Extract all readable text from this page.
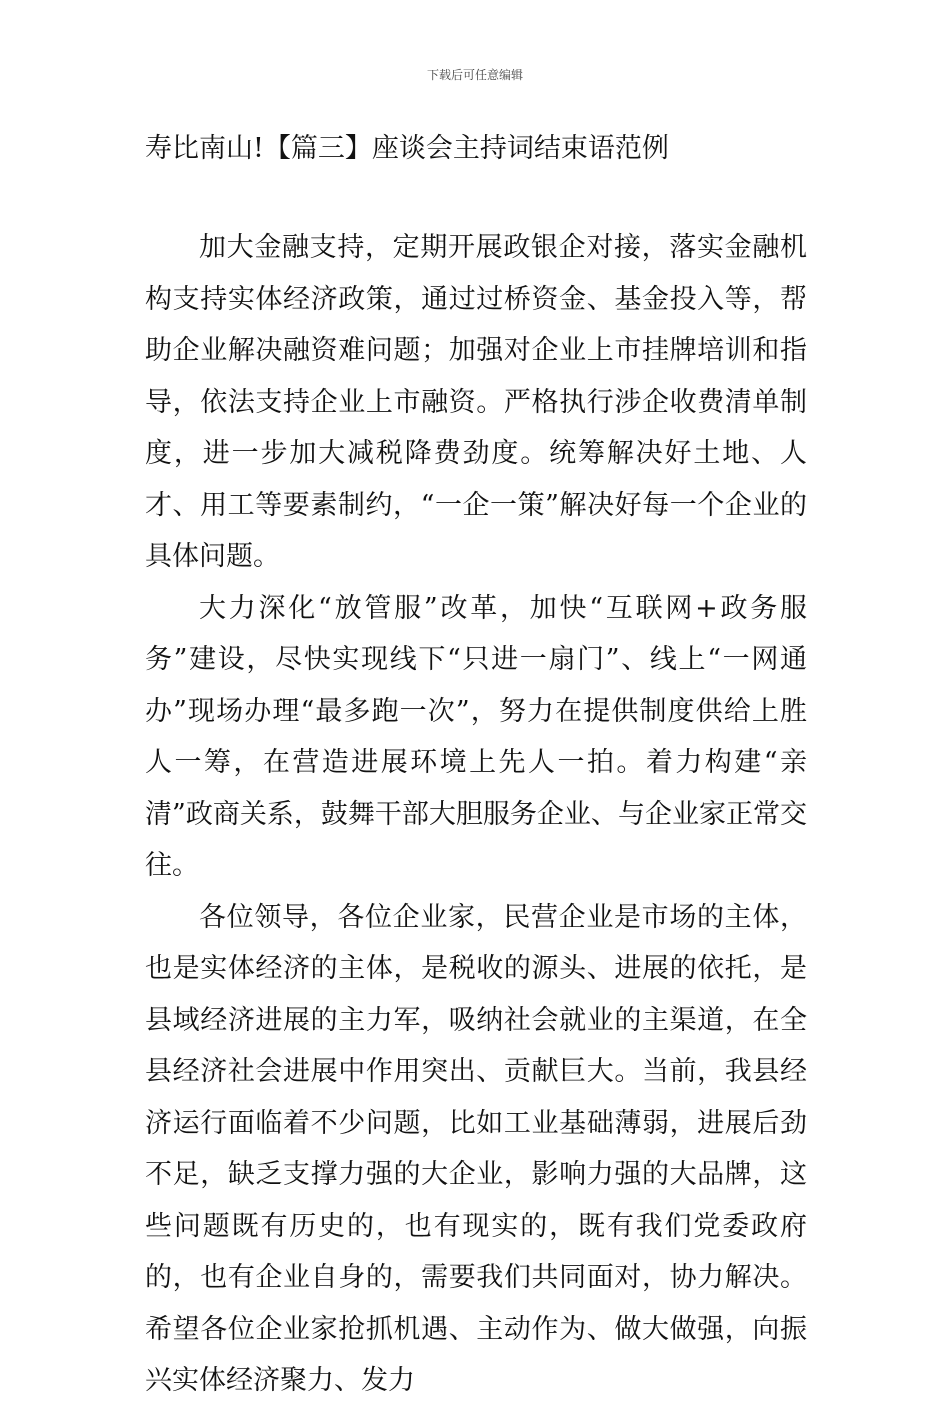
下载后可任意编辑
寿比南山!【篇三】座谈会主持词结束语范例

加大金融支持，定期开展政银企对接，落实金融机构支持实体经济政策，通过过桥资金、基金投入等，帮助企业解决融资难问题；加强对企业上市挂牌培训和指导，依法支持企业上市融资。严格执行涉企收费清单制度，进一步加大减税降费劲度。统筹解决好土地、人才、用工等要素制约，“一企一策”解决好每一个企业的具体问题。

大力深化“放管服”改革，加快“互联网+政务服务”建设，尽快实现线下“只进一扇门”、线上“一网通办”现场办理“最多跑一次”，努力在提供制度供给上胜人一筹，在营造进展环境上先人一拍。着力构建“亲清”政商关系，鼓舞干部大胆服务企业、与企业家正常交往。

各位领导，各位企业家，民营企业是市场的主体，也是实体经济的主体，是税收的源头、进展的依托，是县域经济进展的主力军，吸纳社会就业的主渠道，在全县经济社会进展中作用突出、贡献巨大。当前，我县经济运行面临着不少问题，比如工业基础薄弱，进展后劲不足，缺乏支撑力强的大企业，影响力强的大品牌，这些问题既有历史的，也有现实的，既有我们党委政府的，也有企业自身的，需要我们共同面对，协力解决。希望各位企业家抢抓机遇、主动作为、做大做强，向振兴实体经济聚力、发力
